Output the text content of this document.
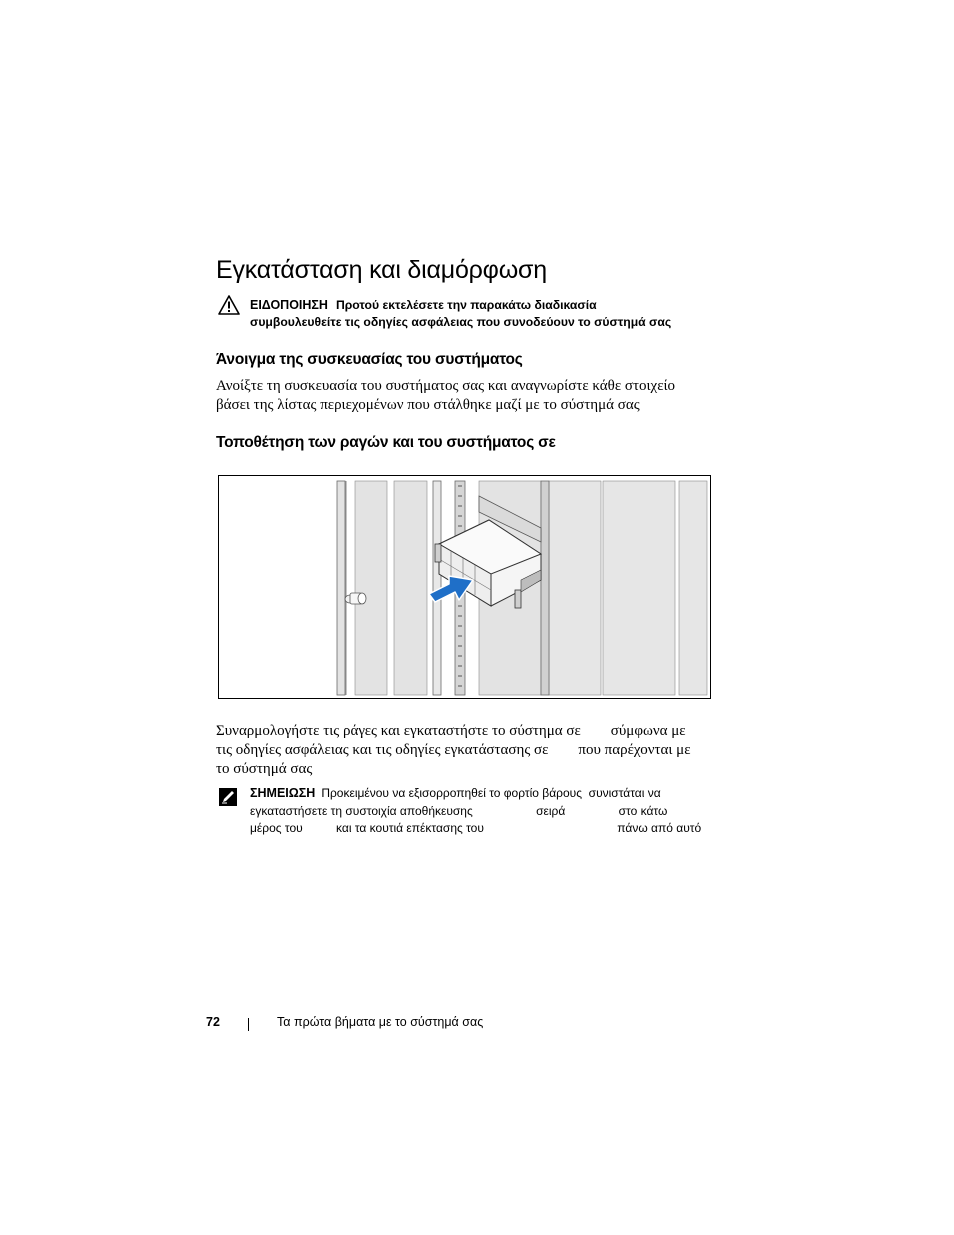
Εγκατάσταση και διαμόρφωση
ΕΙΔΟΠΟΙΗΣΗ Προτού εκτελέσετε την παρακάτω διαδικασία
συμβουλευθείτε τις οδηγίες ασφάλειας που συνοδεύουν το σύστημά σας
Άνοιγμα της συσκευασίας του συστήματος

Ανοίξτε τη συσκευασία του συστήματος σας και αναγνωρίστε κάθε στοιχείο
βάσει της λίστας περιεχομένων που στάλθηκε μαζί με το σύστημά σας

Τοποθέτηση των ραγών και του συστήματος σε

Συναρμολογήστε τις ράγες και εγκαταστήστε το σύστημα σε        σύμφωνα με
τις οδηγίες ασφάλειας και τις οδηγίες εγκατάστασης σε        που παρέχονται με
το σύστημά σας

ΣΗΜΕΙΩΣΗ Προκειμένου να εξισορροπηθεί το φορτίο βάρους  συνιστάται να
εγκαταστήσετε τη συστοιχία αποθήκευσης                   σειρά                στο κάτω
μέρος του          και τα κουτιά επέκτασης του                                        πάνω από αυτό
72	Τα πρώτα βήματα με το σύστημά σας
